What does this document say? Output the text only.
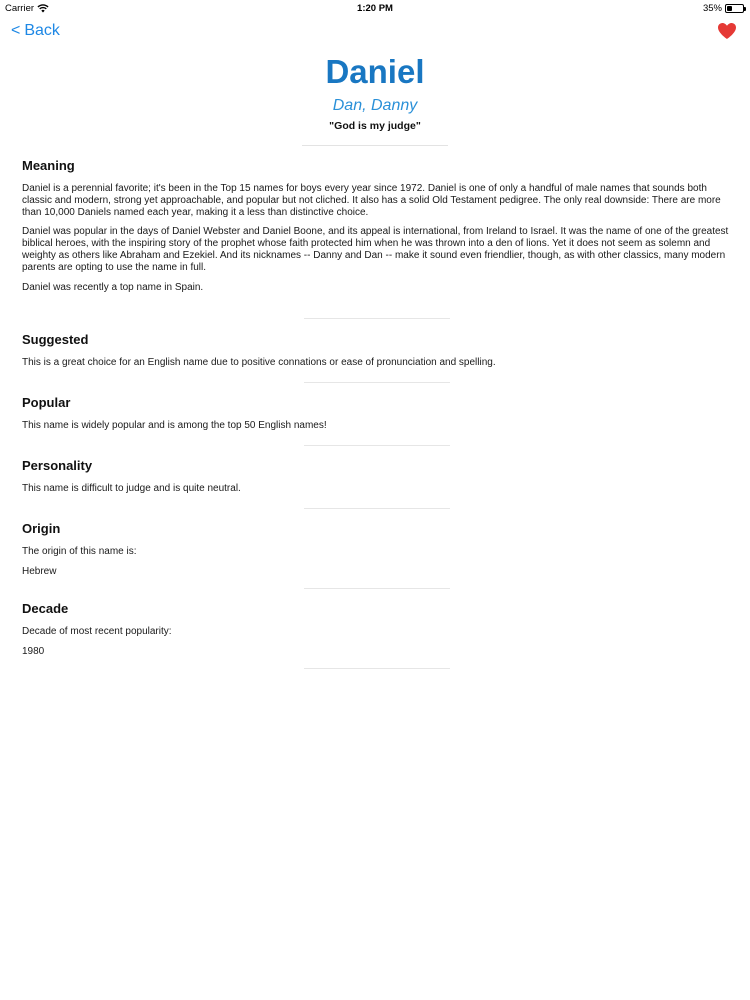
Carrier	1:20 PM	35%
< Back
Daniel
Dan, Danny
"God is my judge"
Meaning

Daniel is a perennial favorite; it's been in the Top 15 names for boys every year since 1972. Daniel is one of only a handful of male names that sounds both classic and modern, strong yet approachable, and popular but not cliched. It also has a solid Old Testament pedigree. The only real downside: There are more than 10,000 Daniels named each year, making it a less than distinctive choice.

Daniel was popular in the days of Daniel Webster and Daniel Boone, and its appeal is international, from Ireland to Israel. It was the name of one of the greatest biblical heroes, with the inspiring story of the prophet whose faith protected him when he was thrown into a den of lions. Yet it does not seem as solemn and weighty as others like Abraham and Ezekiel. And its nicknames -- Danny and Dan -- make it sound even friendlier, though, as with other classics, many modern parents are opting to use the name in full.

Daniel was recently a top name in Spain.

Suggested
This is a great choice for an English name due to positive connations or ease of pronunciation and spelling.
Popular
This name is widely popular and is among the top 50 English names!
Personality
This name is difficult to judge and is quite neutral.
Origin
The origin of this name is:
Hebrew
Decade
Decade of most recent popularity:
1980
